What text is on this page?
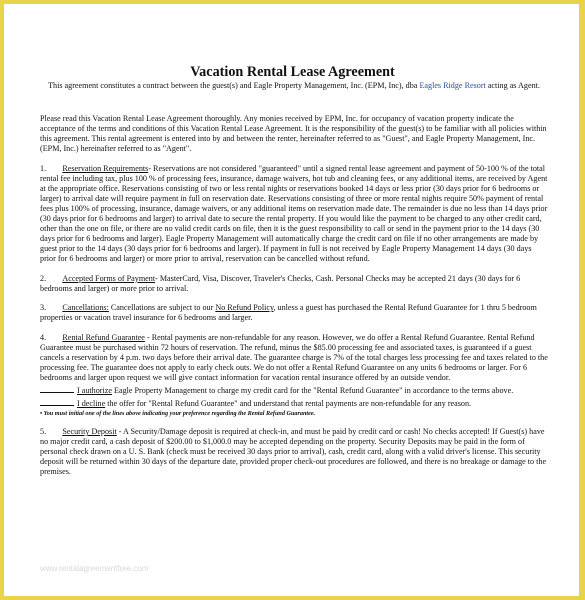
Vacation Rental Lease Agreement
This agreement constitutes a contract between the guest(s) and Eagle Property Management, Inc. (EPM, Inc), dba Eagles Ridge Resort acting as Agent.

Please read this Vacation Rental Lease Agreement thoroughly. Any monies received by EPM, Inc. for occupancy of vacation property indicate the acceptance of the terms and conditions of this Vacation Rental Lease Agreement. It is the responsibility of the guest(s) to be familiar with all policies within this agreement. This rental agreement is entered into by and between the renter, hereinafter referred to as "Guest", and Eagle Property Management, Inc. (EPM, Inc.) hereinafter referred to as "Agent".

1. Reservation Requirements- Reservations are not considered "guaranteed" until a signed rental lease agreement and payment of 50-100 % of the total rental fee including tax, plus 100 % of processing fees, insurance, damage waivers, hot tub and cleaning fees, or any additional items, are received by Agent at the appropriate office. Reservations consisting of two or less rental nights or reservations booked 14 days or less prior (30 days prior for 6 bedrooms or larger) to arrival date will require payment in full on reservation date. Reservations consisting of three or more rental nights require 50% payment of rental fees plus 100% of processing, insurance, damage waivers, or any additional items on reservation made date. The remainder is due no less than 14 days prior (30 days prior for 6 bedrooms and larger) to arrival date to secure the rental property. If you would like the payment to be charged to any other credit card, other than the one on file, or there are no valid credit cards on file, then it is the guest responsibility to call or send in the payment prior to the 14 days (30 days prior for 6 bedrooms and larger). Eagle Property Management will automatically charge the credit card on file if no other arrangements are made by guest prior to the 14 days (30 days prior for 6 bedrooms and larger). If payment in full is not received by Eagle Property Management 14 days (30 days prior for 6 bedrooms and larger) or more prior to arrival, reservation can be cancelled without refund.

2. Accepted Forms of Payment- MasterCard, Visa, Discover, Traveler's Checks, Cash. Personal Checks may be accepted 21 days (30 days for 6 bedrooms and larger) or more prior to arrival.

3. Cancellations: Cancellations are subject to our No Refund Policy, unless a guest has purchased the Rental Refund Guarantee for 1 thru 5 bedroom properties or vacation travel insurance for 6 bedrooms and larger.

4. Rental Refund Guarantee - Rental payments are non-refundable for any reason. However, we do offer a Rental Refund Guarantee. Rental Refund Guarantee must be purchased within 72 hours of reservation. The refund, minus the $85.00 processing fee and associated taxes, is guaranteed if a guest cancels a reservation by 4 p.m. two days before their arrival date. The guarantee charge is 7% of the total charges less processing fee and taxes related to the processing fee. The guarantee does not apply to early check outs. We do not offer a Rental Refund Guarantee on any units 6 bedrooms or larger. For 6 bedrooms and larger upon request we will give contact information for vacation rental insurance offered by an outside vendor.

I authorize Eagle Property Management to charge my credit card for the "Rental Refund Guarantee" in accordance to the terms above.

I decline the offer for "Rental Refund Guarantee" and understand that rental payments are non-refundable for any reason.

• You must initial one of the lines above indicating your preference regarding the Rental Refund Guarantee.

5. Security Deposit - A Security/Damage deposit is required at check-in, and must be paid by credit card or cash! No checks accepted! If Guest(s) have no major credit card, a cash deposit of $200.00 to $1,000.0 may be accepted depending on the property. Security Deposits may be paid in the form of personal check drawn on a U. S. Bank (check must be received 30 days prior to arrival), cash, credit card, along with a valid driver's license. This security deposit will be returned within 30 days of the departure date, provided proper check-out procedures are followed, and there is no breakage or damage to the premises.

www.rentalagreementfree.com
